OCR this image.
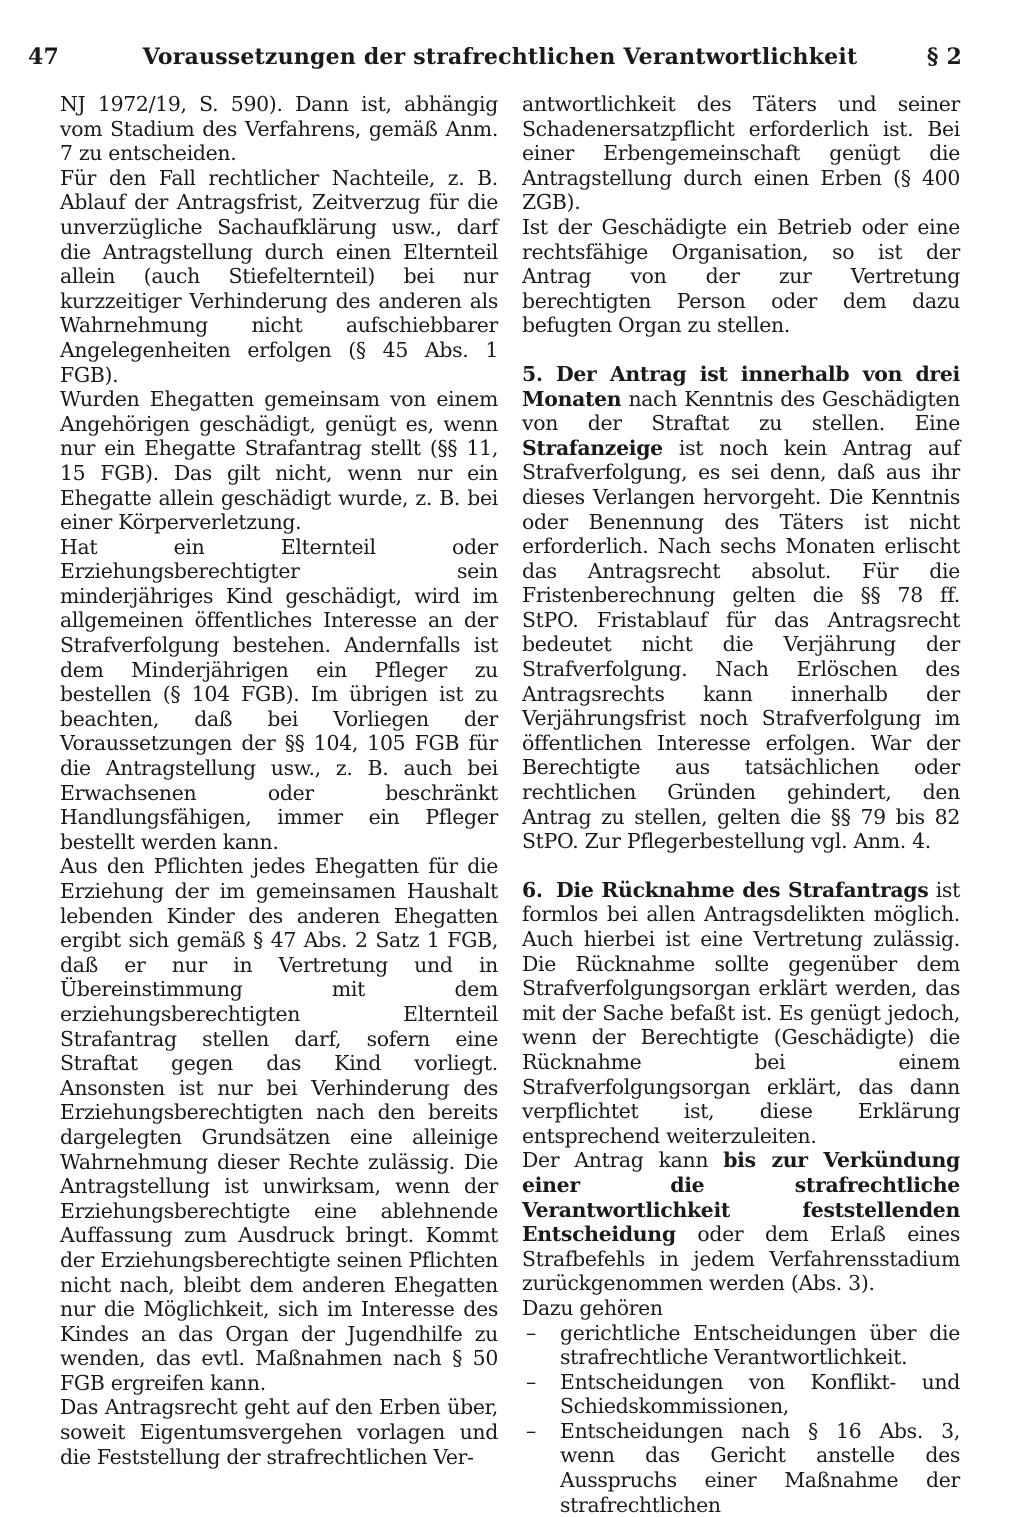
47	Voraussetzungen der strafrechtlichen Verantwortlichkeit	§ 2

NJ 1972/19, S. 590). Dann ist, abhängig vom Stadium des Verfahrens, gemäß Anm. 7 zu entscheiden.

Für den Fall rechtlicher Nachteile, z. B. Ablauf der Antragsfrist, Zeitverzug für die unverzügliche Sachaufklärung usw., darf die Antragstellung durch einen Elternteil allein (auch Stiefelternteil) bei nur kurzzeitiger Verhinderung des anderen als Wahrnehmung nicht aufschiebbarer Angelegenheiten erfolgen (§ 45 Abs. 1 FGB).

Wurden Ehegatten gemeinsam von einem Angehörigen geschädigt, genügt es, wenn nur ein Ehegatte Strafantrag stellt (§§ 11, 15 FGB). Das gilt nicht, wenn nur ein Ehegatte allein geschädigt wurde, z. B. bei einer Körperverletzung.

Hat ein Elternteil oder Erziehungsberechtigter sein minderjähriges Kind geschädigt, wird im allgemeinen öffentliches Interesse an der Strafverfolgung bestehen. Andernfalls ist dem Minderjährigen ein Pfleger zu bestellen (§ 104 FGB). Im übrigen ist zu beachten, daß bei Vorliegen der Voraussetzungen der §§ 104, 105 FGB für die Antragstellung usw., z. B. auch bei Erwachsenen oder beschränkt Handlungsfähigen, immer ein Pfleger bestellt werden kann.

Aus den Pflichten jedes Ehegatten für die Erziehung der im gemeinsamen Haushalt lebenden Kinder des anderen Ehegatten ergibt sich gemäß § 47 Abs. 2 Satz 1 FGB, daß er nur in Vertretung und in Übereinstimmung mit dem erziehungsberechtigten Elternteil Strafantrag stellen darf, sofern eine Straftat gegen das Kind vorliegt. Ansonsten ist nur bei Verhinderung des Erziehungsberechtigten nach den bereits dargelegten Grundsätzen eine alleinige Wahrnehmung dieser Rechte zulässig. Die Antragstellung ist unwirksam, wenn der Erziehungsberechtigte eine ablehnende Auffassung zum Ausdruck bringt. Kommt der Erziehungsberechtigte seinen Pflichten nicht nach, bleibt dem anderen Ehegatten nur die Möglichkeit, sich im Interesse des Kindes an das Organ der Jugendhilfe zu wenden, das evtl. Maßnahmen nach § 50 FGB ergreifen kann.

Das Antragsrecht geht auf den Erben über, soweit Eigentumsvergehen vorlagen und die Feststellung der strafrechtlichen Ver-

antwortlichkeit des Täters und seiner Schadenersatzpflicht erforderlich ist. Bei einer Erbengemeinschaft genügt die Antragstellung durch einen Erben (§ 400 ZGB).

Ist der Geschädigte ein Betrieb oder eine rechtsfähige Organisation, so ist der Antrag von der zur Vertretung berechtigten Person oder dem dazu befugten Organ zu stellen.

5. Der Antrag ist innerhalb von drei Monaten nach Kenntnis des Geschädigten von der Straftat zu stellen. Eine Strafanzeige ist noch kein Antrag auf Strafverfolgung, es sei denn, daß aus ihr dieses Verlangen hervorgeht. Die Kenntnis oder Benennung des Täters ist nicht erforderlich. Nach sechs Monaten erlischt das Antragsrecht absolut. Für die Fristenberechnung gelten die §§ 78 ff. StPO. Fristablauf für das Antragsrecht bedeutet nicht die Verjährung der Strafverfolgung. Nach Erlöschen des Antragsrechts kann innerhalb der Verjährungsfrist noch Strafverfolgung im öffentlichen Interesse erfolgen. War der Berechtigte aus tatsächlichen oder rechtlichen Gründen gehindert, den Antrag zu stellen, gelten die §§ 79 bis 82 StPO. Zur Pflegerbestellung vgl. Anm. 4.

6. Die Rücknahme des Strafantrags ist formlos bei allen Antragsdelikten möglich. Auch hierbei ist eine Vertretung zulässig. Die Rücknahme sollte gegenüber dem Strafverfolgungsorgan erklärt werden, das mit der Sache befaßt ist. Es genügt jedoch, wenn der Berechtigte (Geschädigte) die Rücknahme bei einem Strafverfolgungsorgan erklärt, das dann verpflichtet ist, diese Erklärung entsprechend weiterzuleiten.

Der Antrag kann bis zur Verkündung einer die strafrechtliche Verantwortlichkeit feststellenden Entscheidung oder dem Erlaß eines Strafbefehls in jedem Verfahrensstadium zurückgenommen werden (Abs. 3).

Dazu gehören

– gerichtliche Entscheidungen über die strafrechtliche Verantwortlichkeit.
– Entscheidungen von Konflikt- und Schiedskommissionen,
– Entscheidungen nach § 16 Abs. 3, wenn das Gericht anstelle des Ausspruchs einer Maßnahme der strafrechtlichen
